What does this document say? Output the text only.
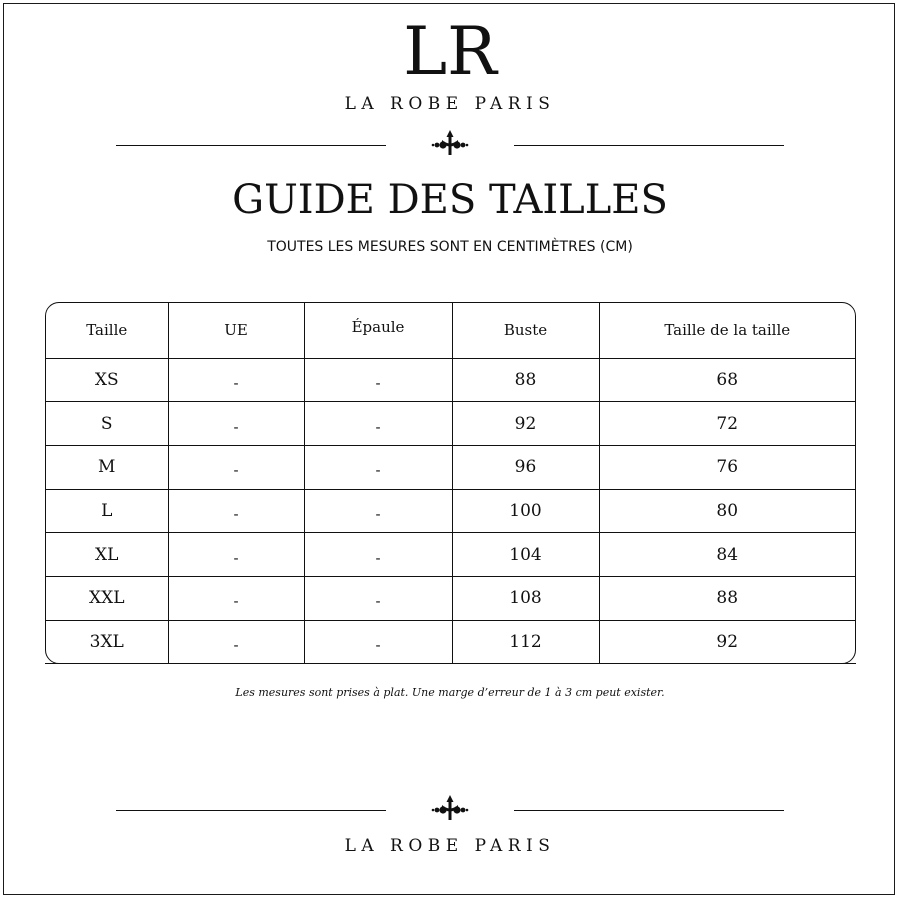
LR
LA ROBE PARIS
GUIDE DES TAILLES
TOUTES LES MESURES SONT EN CENTIMÈTRES (CM)
Taille	UE	Épaule	Buste	Taille de la taille
XS	-	-	88	68
S	-	-	92	72
M	-	-	96	76
L	-	-	100	80
XL	-	-	104	84
XXL	-	-	108	88
3XL	-	-	112	92
Les mesures sont prises à plat. Une marge d’erreur de 1 à 3 cm peut exister.
LA ROBE PARIS
